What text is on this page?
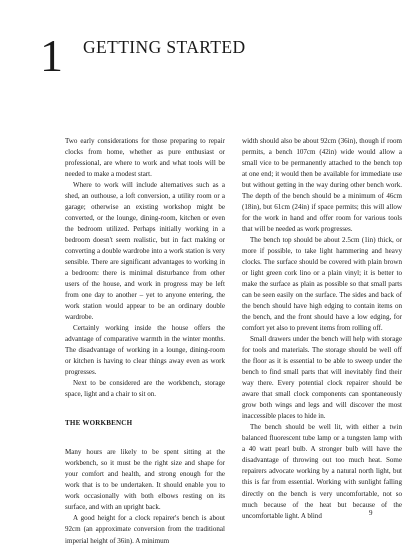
1 GETTING STARTED

Two early considerations for those preparing to repair clocks from home, whether as pure enthusiast or professional, are where to work and what tools will be needed to make a modest start.

Where to work will include alternatives such as a shed, an outhouse, a loft conversion, a utility room or a garage; otherwise an existing workshop might be converted, or the lounge, dining-room, kitchen or even the bedroom utilized. Perhaps initially working in a bedroom doesn't seem realistic, but in fact making or converting a double wardrobe into a work station is very sensible. There are significant advantages to working in a bedroom: there is minimal disturbance from other users of the house, and work in progress may be left from one day to another – yet to anyone entering, the work station would appear to be an ordinary double wardrobe.

Certainly working inside the house offers the advantage of comparative warmth in the winter months. The disadvantage of working in a lounge, dining-room or kitchen is having to clear things away even as work progresses.

Next to be considered are the workbench, storage space, light and a chair to sit on.

THE WORKBENCH

Many hours are likely to be spent sitting at the workbench, so it must be the right size and shape for your comfort and health, and strong enough for the work that is to be undertaken. It should enable you to work occasionally with both elbows resting on its surface, and with an upright back.

A good height for a clock repairer's bench is about 92cm (an approximate conversion from the traditional imperial height of 36in). A minimum

width should also be about 92cm (36in), though if room permits, a bench 107cm (42in) wide would allow a small vice to be permanently attached to the bench top at one end; it would then be available for immediate use but without getting in the way during other bench work. The depth of the bench should be a minimum of 46cm (18in), but 61cm (24in) if space permits; this will allow for the work in hand and offer room for various tools that will be needed as work progresses.

The bench top should be about 2.5cm (1in) thick, or more if possible, to take light hammering and heavy clocks. The surface should be covered with plain brown or light green cork lino or a plain vinyl; it is better to make the surface as plain as possible so that small parts can be seen easily on the surface. The sides and back of the bench should have high edging to contain items on the bench, and the front should have a low edging, for comfort yet also to prevent items from rolling off.

Small drawers under the bench will help with storage for tools and materials. The storage should be well off the floor as it is essential to be able to sweep under the bench to find small parts that will inevitably find their way there. Every potential clock repairer should be aware that small clock components can spontaneously grow both wings and legs and will discover the most inaccessible places to hide in.

The bench should be well lit, with either a twin balanced fluorescent tube lamp or a tungsten lamp with a 40 watt pearl bulb. A stronger bulb will have the disadvantage of throwing out too much heat. Some repairers advocate working by a natural north light, but this is far from essential. Working with sunlight falling directly on the bench is very uncomfortable, not so much because of the heat but because of the uncomfortable light. A blind	9
